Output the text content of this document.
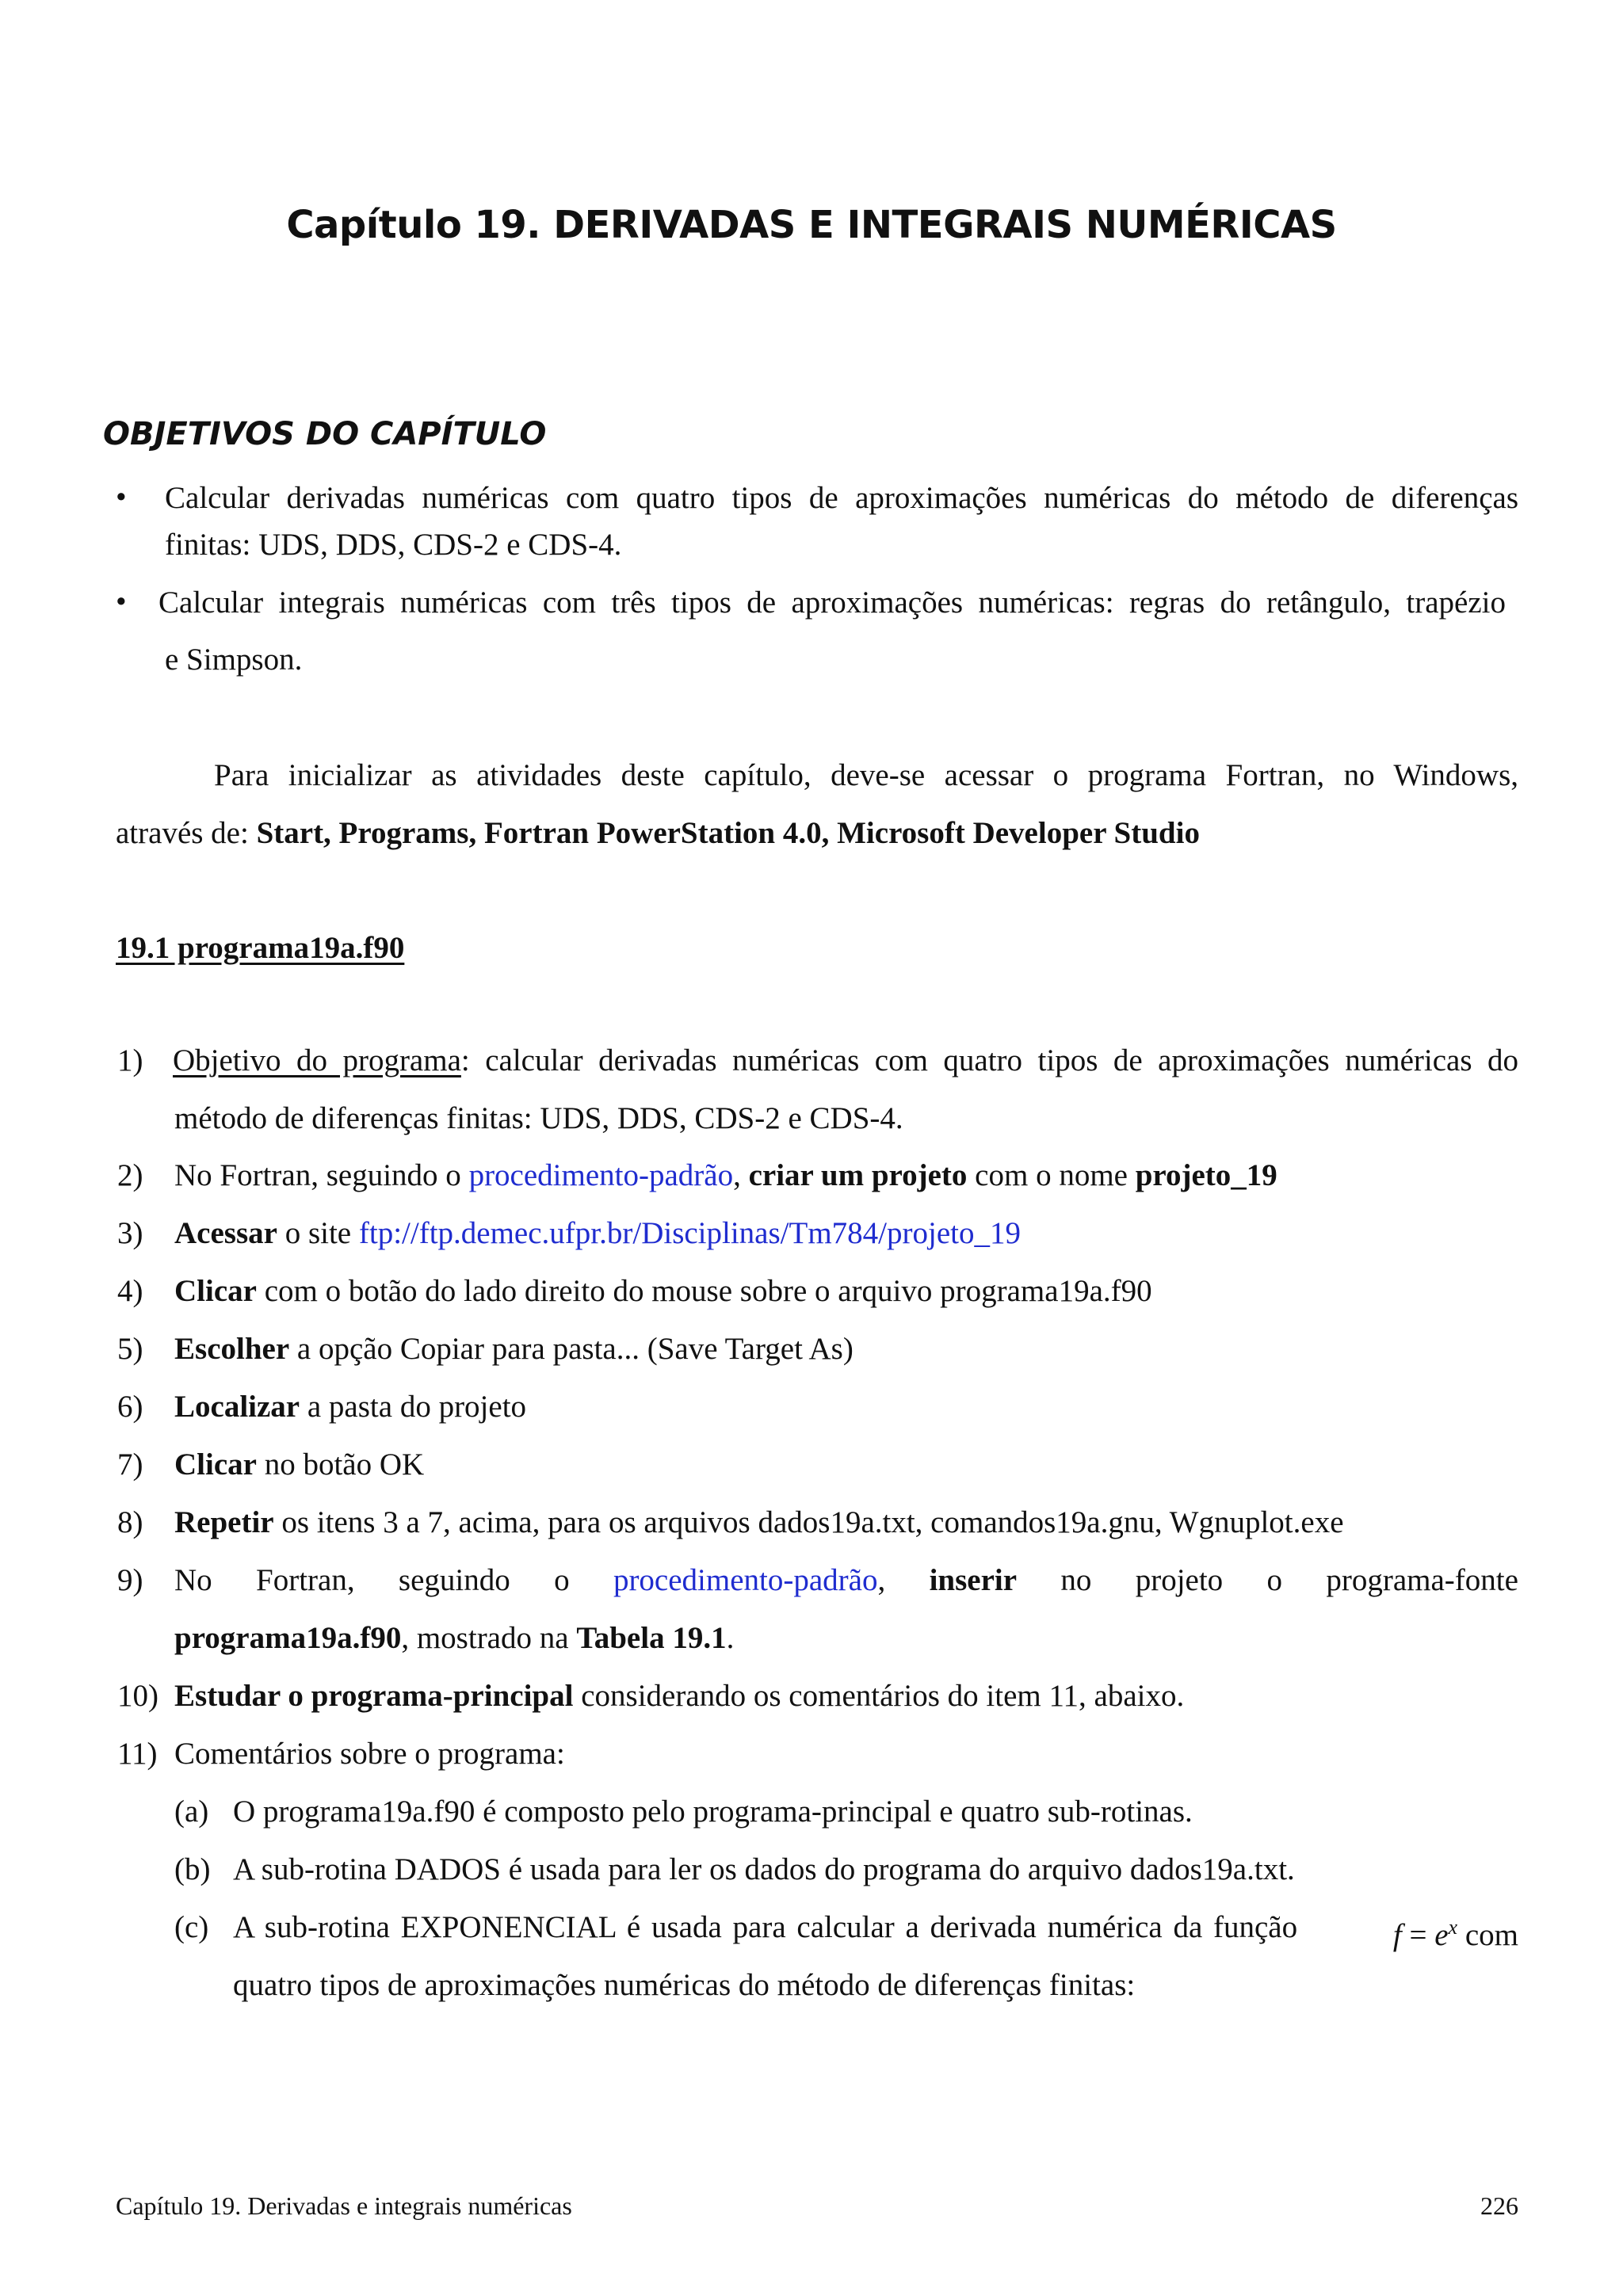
Capítulo 19. DERIVADAS E INTEGRAIS NUMÉRICAS
OBJETIVOS DO CAPÍTULO
• Calcular derivadas numéricas com quatro tipos de aproximações numéricas do método de diferenças
finitas: UDS, DDS, CDS-2 e CDS-4.
• Calcular integrais numéricas com três tipos de aproximações numéricas: regras do retângulo, trapézio
e Simpson.
Para inicializar as atividades deste capítulo, deve-se acessar o programa Fortran, no Windows,
através de: Start, Programs, Fortran PowerStation 4.0, Microsoft Developer Studio
19.1 programa19a.f90
1) Objetivo do programa: calcular derivadas numéricas com quatro tipos de aproximações numéricas do
método de diferenças finitas: UDS, DDS, CDS-2 e CDS-4.
2) No Fortran, seguindo o procedimento-padrão, criar um projeto com o nome projeto_19
3) Acessar o site ftp://ftp.demec.ufpr.br/Disciplinas/Tm784/projeto_19
4) Clicar com o botão do lado direito do mouse sobre o arquivo programa19a.f90
5) Escolher a opção Copiar para pasta... (Save Target As)
6) Localizar a pasta do projeto
7) Clicar no botão OK
8) Repetir os itens 3 a 7, acima, para os arquivos dados19a.txt, comandos19a.gnu, Wgnuplot.exe
9) No Fortran, seguindo o procedimento-padrão, inserir no projeto o programa-fonte
programa19a.f90, mostrado na Tabela 19.1.
10) Estudar o programa-principal considerando os comentários do item 11, abaixo.
11) Comentários sobre o programa:
(a) O programa19a.f90 é composto pelo programa-principal e quatro sub-rotinas.
(b) A sub-rotina DADOS é usada para ler os dados do programa do arquivo dados19a.txt.
(c) A sub-rotina EXPONENCIAL é usada para calcular a derivada numérica da função	$f = e^x$ com
quatro tipos de aproximações numéricas do método de diferenças finitas:
Capítulo 19. Derivadas e integrais numéricas	226
